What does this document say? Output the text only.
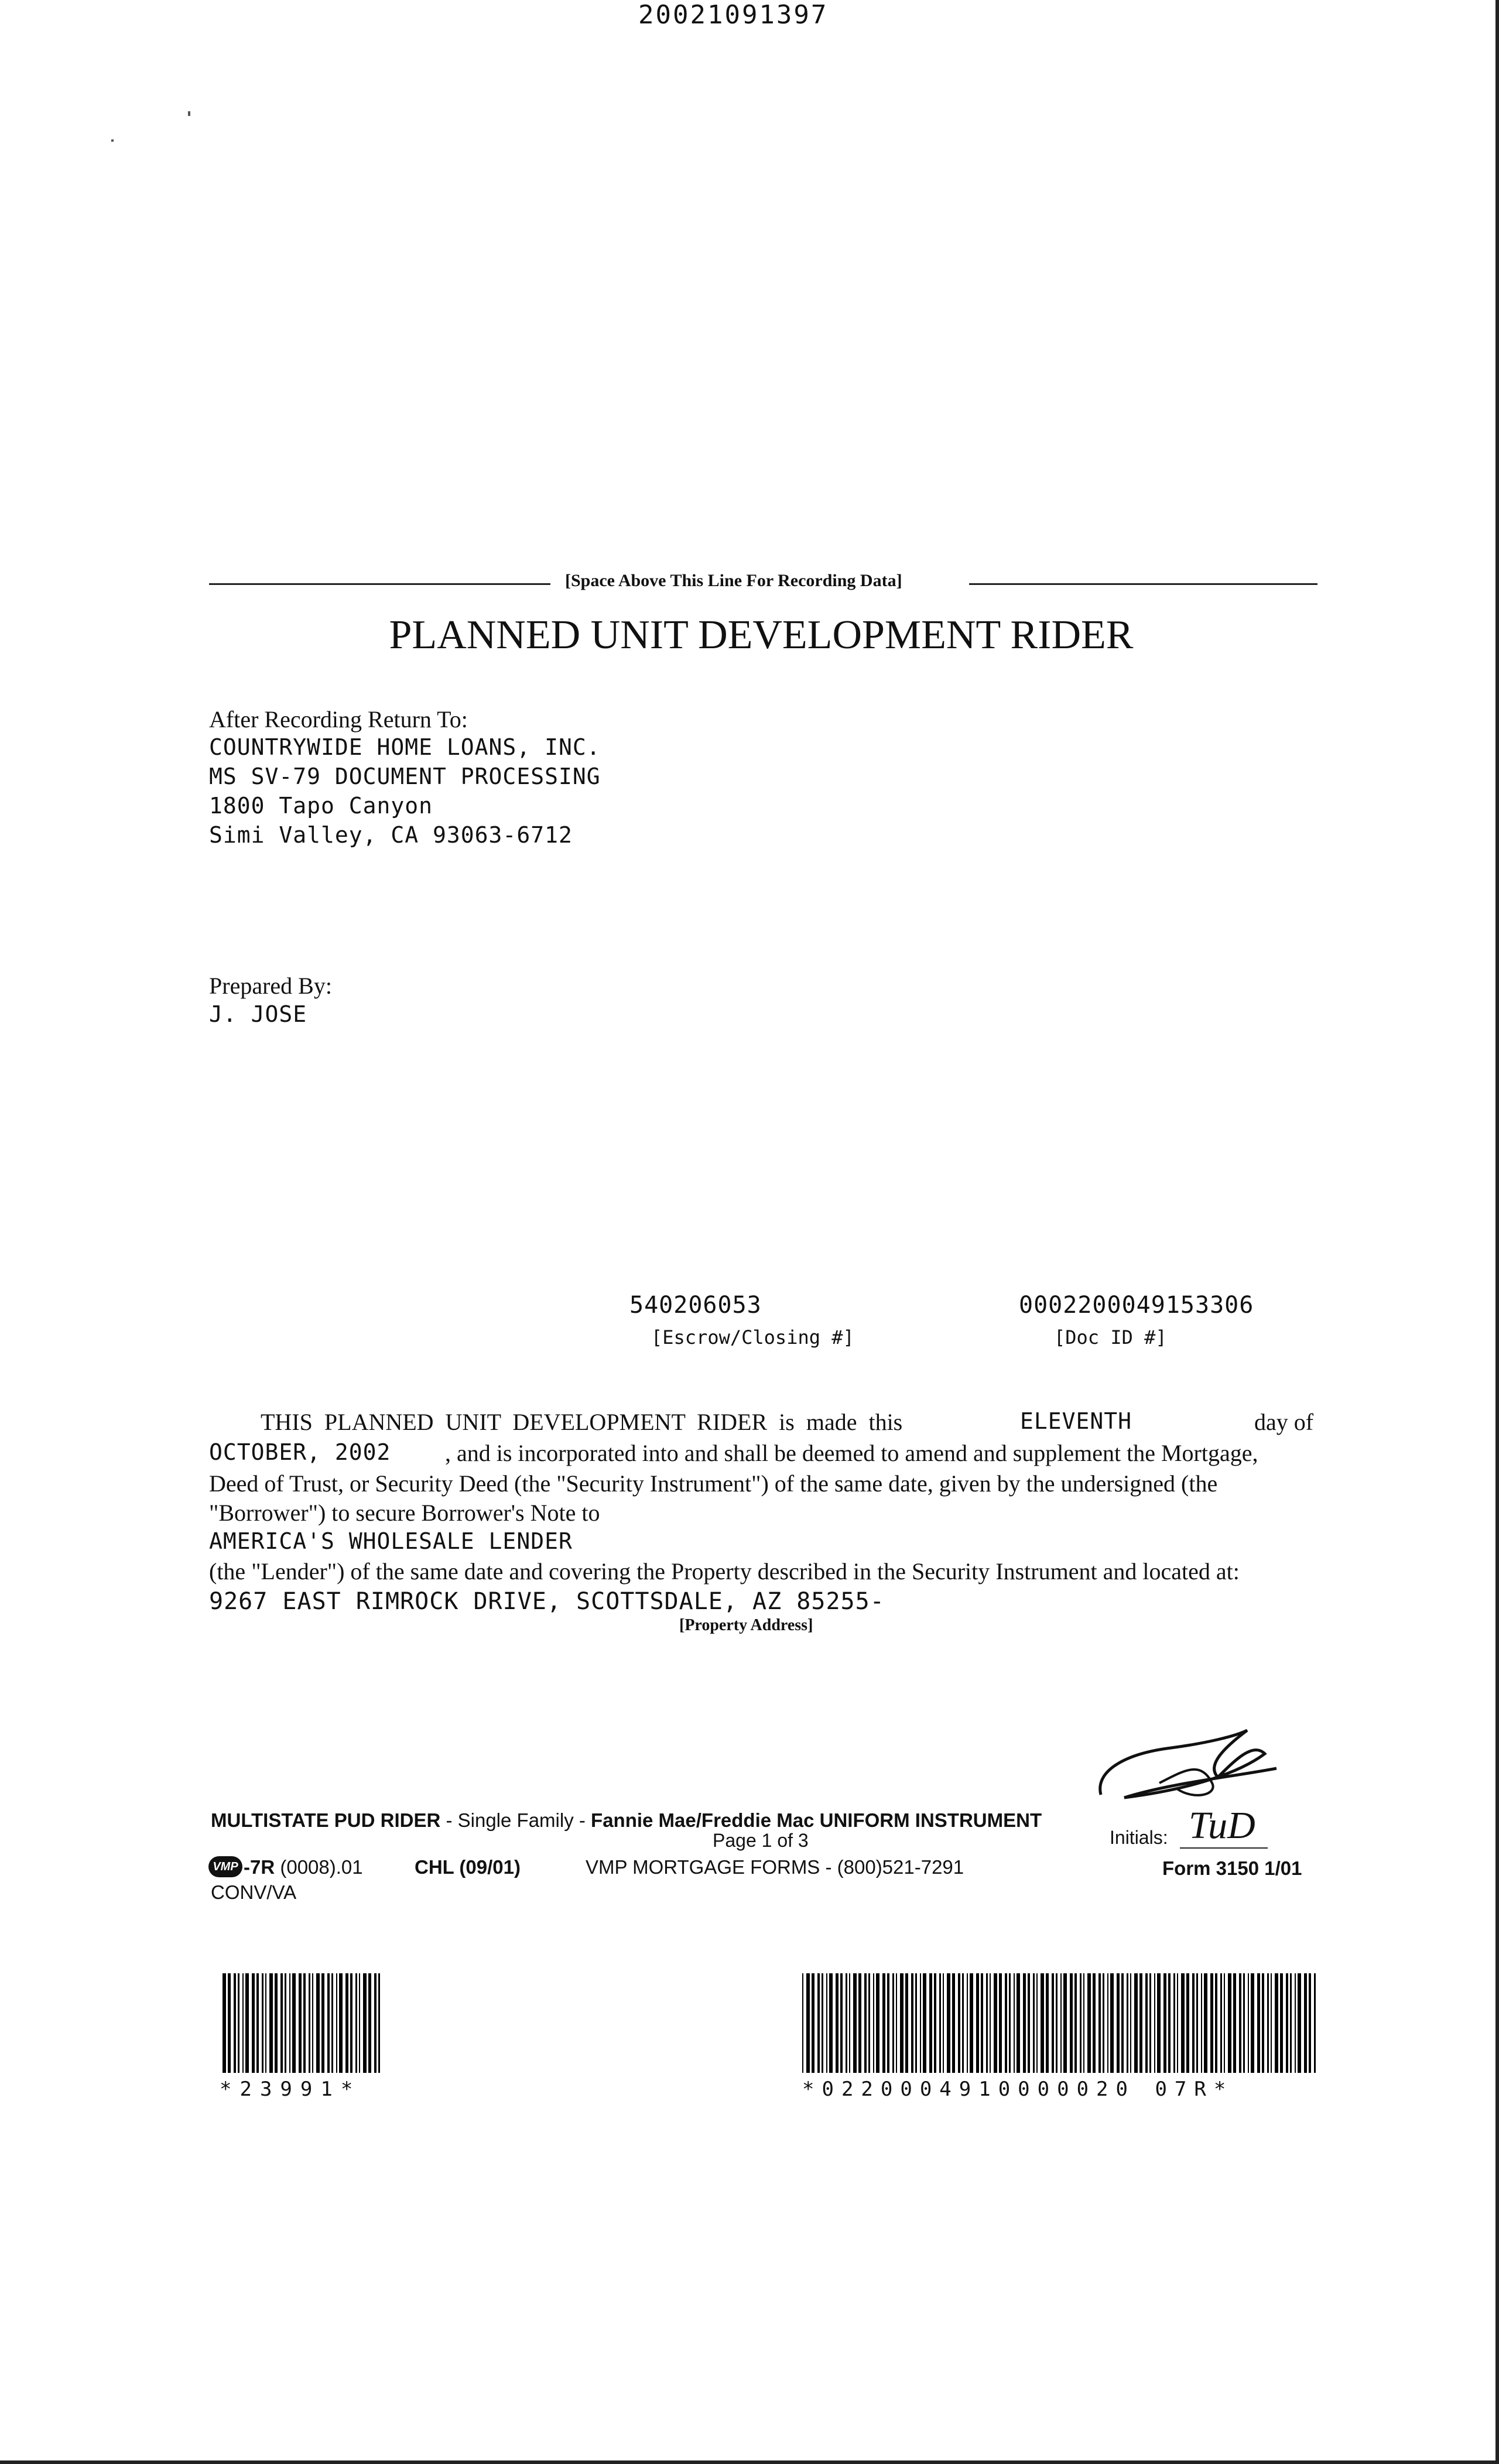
20021091397
[Space Above This Line For Recording Data]
PLANNED UNIT DEVELOPMENT RIDER
After Recording Return To:
COUNTRYWIDE HOME LOANS, INC.
MS SV-79 DOCUMENT PROCESSING
1800 Tapo Canyon
Simi Valley, CA 93063-6712
Prepared By:
J. JOSE
540206053
[Escrow/Closing #]
0002200049153306
[Doc ID #]
THIS PLANNED UNIT DEVELOPMENT RIDER is made this	ELEVENTH	day of
OCTOBER, 2002 , and is incorporated into and shall be deemed to amend and supplement the Mortgage,
Deed of Trust, or Security Deed (the "Security Instrument") of the same date, given by the undersigned (the
"Borrower") to secure Borrower's Note to
AMERICA'S WHOLESALE LENDER
(the "Lender") of the same date and covering the Property described in the Security Instrument and located at:
9267 EAST RIMROCK DRIVE, SCOTTSDALE, AZ 85255-
[Property Address]
MULTISTATE PUD RIDER - Single Family - Fannie Mae/Freddie Mac UNIFORM INSTRUMENT
Page 1 of 3	Initials: TuD
VMP -7R (0008).01	CHL (09/01)	VMP MORTGAGE FORMS - (800)521-7291	Form 3150 1/01
CONV/VA
*23991*	*0220004910000020 07R*
